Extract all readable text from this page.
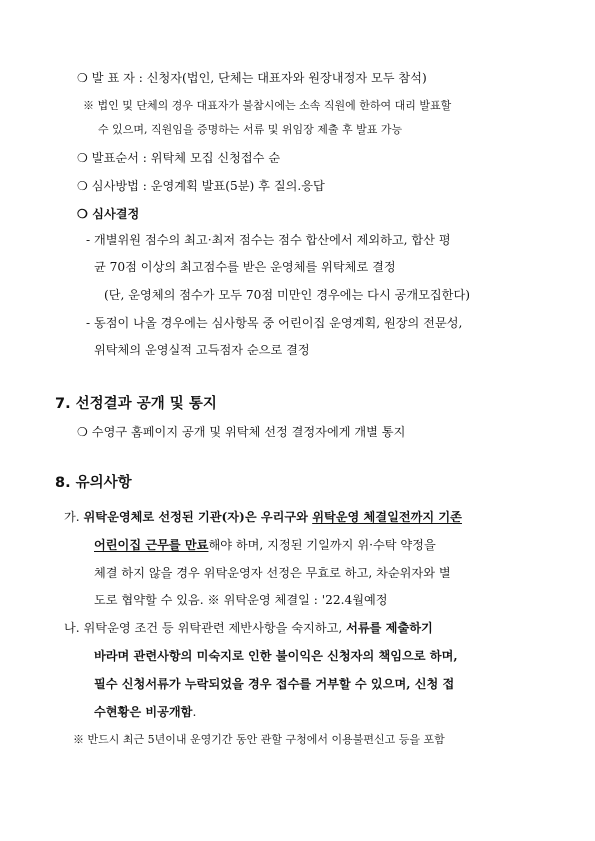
❍ 발 표 자 : 신청자(법인, 단체는 대표자와 원장내정자 모두 참석)
※ 법인 및 단체의 경우 대표자가 불참시에는 소속 직원에 한하여 대리 발표할
수 있으며, 직원임을 증명하는 서류 및 위임장 제출 후 발표 가능
❍ 발표순서 : 위탁체 모집 신청접수 순
❍ 심사방법 : 운영계획 발표(5분) 후 질의.응답
❍ 심사결정
- 개별위원 점수의 최고·최저 점수는 점수 합산에서 제외하고, 합산 평
균 70점 이상의 최고점수를 받은 운영체를 위탁체로 결정
(단, 운영체의 점수가 모두 70점 미만인 경우에는 다시 공개모집한다)
- 동점이 나올 경우에는 심사항목 중 어린이집 운영계획, 원장의 전문성,
위탁체의 운영실적 고득점자 순으로 결정
7. 선정결과 공개 및 통지
❍ 수영구 홈페이지 공개 및 위탁체 선정 결정자에게 개별 통지
8. 유의사항
가. 위탁운영체로 선정된 기관(자)은 우리구와 위탁운영 체결일전까지 기존
어린이집 근무를 만료해야 하며, 지정된 기일까지 위·수탁 약정을
체결 하지 않을 경우 위탁운영자 선정은 무효로 하고, 차순위자와 별
도로 협약할 수 있음. ※ 위탁운영 체결일 : '22.4월예정
나. 위탁운영 조건 등 위탁관련 제반사항을 숙지하고, 서류를 제출하기
바라며 관련사항의 미숙지로 인한 불이익은 신청자의 책임으로 하며,
필수 신청서류가 누락되었을 경우 접수를 거부할 수 있으며, 신청 접
수현황은 비공개함.
※ 반드시 최근 5년이내 운영기간 동안 관할 구청에서 이용불편신고 등을 포함
